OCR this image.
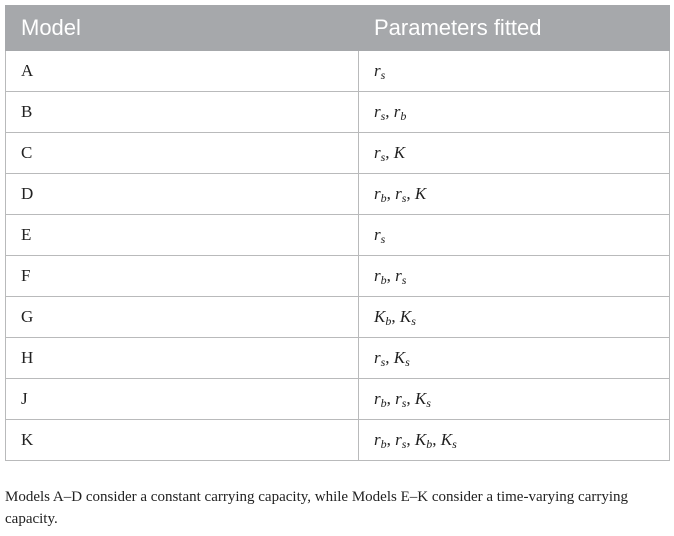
Model	Parameters fitted
A	$r_s$
B	$r_s$, $r_b$
C	$r_s$, K
D	$r_b$, $r_s$, K
E	$r_s$
F	$r_b$, $r_s$
G	$K_b$, $K_s$
H	$r_s$, $K_s$
J	$r_b$, $r_s$, $K_s$
K	$r_b$, $r_s$, $K_b$, $K_s$
Models A–D consider a constant carrying capacity, while Models E–K consider a time-varying carrying capacity.
